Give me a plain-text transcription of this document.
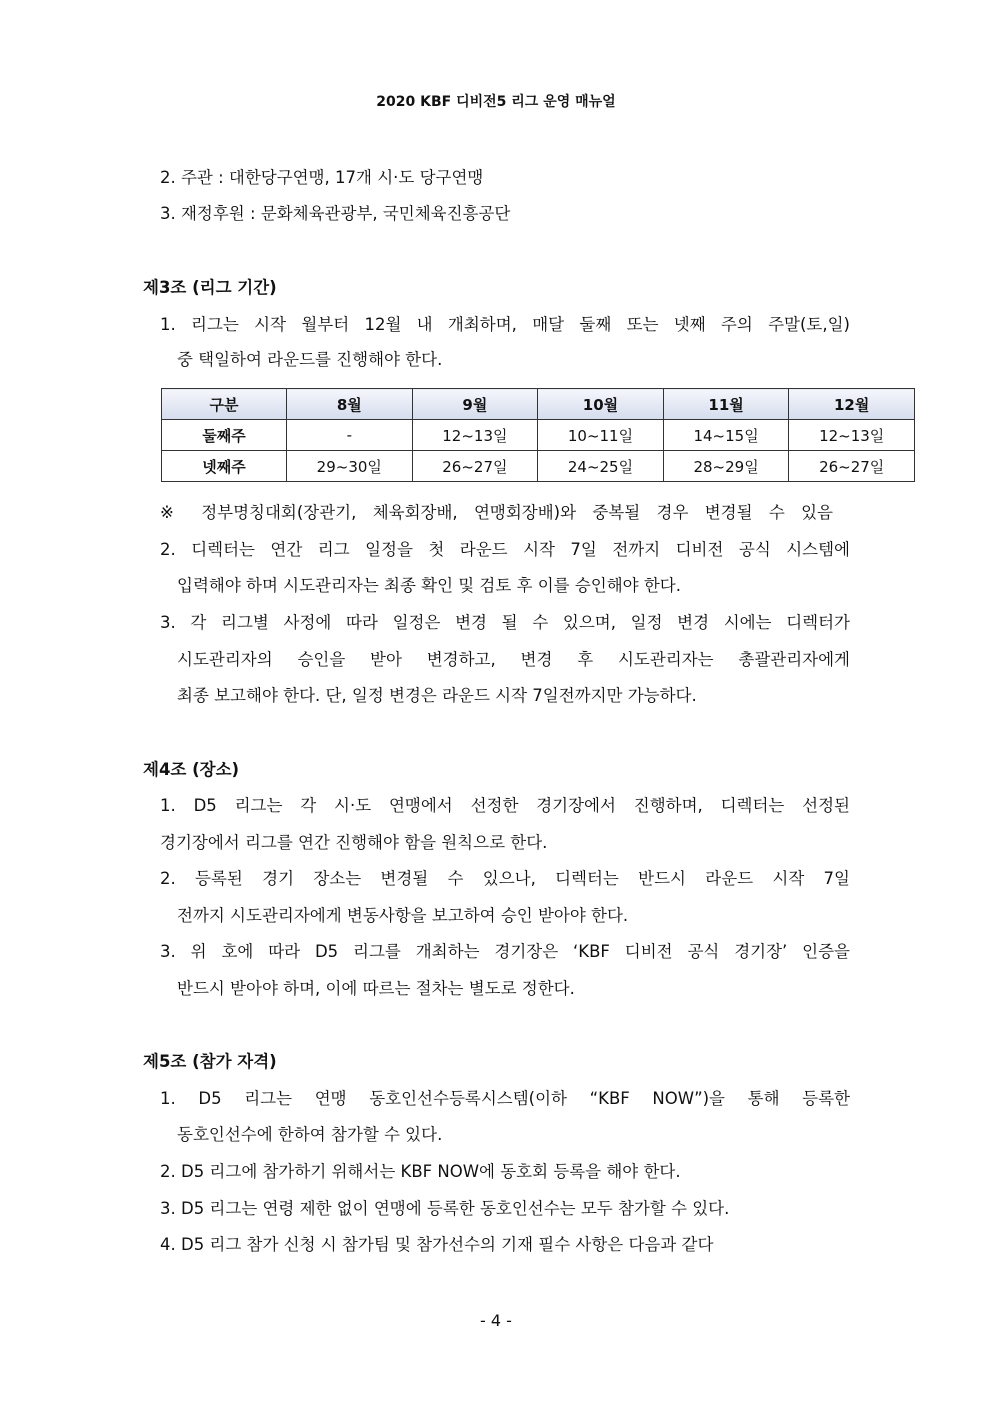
2020 KBF 디비전5 리그 운영 매뉴얼
2. 주관 : 대한당구연맹, 17개 시·도 당구연맹
3. 재정후원 : 문화체육관광부, 국민체육진흥공단
제3조 (리그 기간)
1. 리그는 시작 월부터 12월 내 개최하며, 매달 둘째 또는 넷째 주의 주말(토,일)
중 택일하여 라운드를 진행해야 한다.
구분	8월	9월	10월	11월	12월
둘째주	-	12~13일	10~11일	14~15일	12~13일
넷째주	29~30일	26~27일	24~25일	28~29일	26~27일
※ 정부명칭대회(장관기, 체육회장배, 연맹회장배)와 중복될 경우 변경될 수 있음
2. 디렉터는 연간 리그 일정을 첫 라운드 시작 7일 전까지 디비전 공식 시스템에
입력해야 하며 시도관리자는 최종 확인 및 검토 후 이를 승인해야 한다.
3. 각 리그별 사정에 따라 일정은 변경 될 수 있으며, 일정 변경 시에는 디렉터가
시도관리자의 승인을 받아 변경하고, 변경 후 시도관리자는 총괄관리자에게
최종 보고해야 한다. 단, 일정 변경은 라운드 시작 7일전까지만 가능하다.
제4조 (장소)
1. D5 리그는 각 시·도 연맹에서 선정한 경기장에서 진행하며, 디렉터는 선정된
경기장에서 리그를 연간 진행해야 함을 원칙으로 한다.
2. 등록된 경기 장소는 변경될 수 있으나, 디렉터는 반드시 라운드 시작 7일
전까지 시도관리자에게 변동사항을 보고하여 승인 받아야 한다.
3. 위 호에 따라 D5 리그를 개최하는 경기장은 ‘KBF 디비전 공식 경기장’ 인증을
반드시 받아야 하며, 이에 따르는 절차는 별도로 정한다.
제5조 (참가 자격)
1. D5 리그는 연맹 동호인선수등록시스템(이하 “KBF NOW”)을 통해 등록한
동호인선수에 한하여 참가할 수 있다.
2. D5 리그에 참가하기 위해서는 KBF NOW에 동호회 등록을 해야 한다.
3. D5 리그는 연령 제한 없이 연맹에 등록한 동호인선수는 모두 참가할 수 있다.
4. D5 리그 참가 신청 시 참가팀 및 참가선수의 기재 필수 사항은 다음과 같다
- 4 -
